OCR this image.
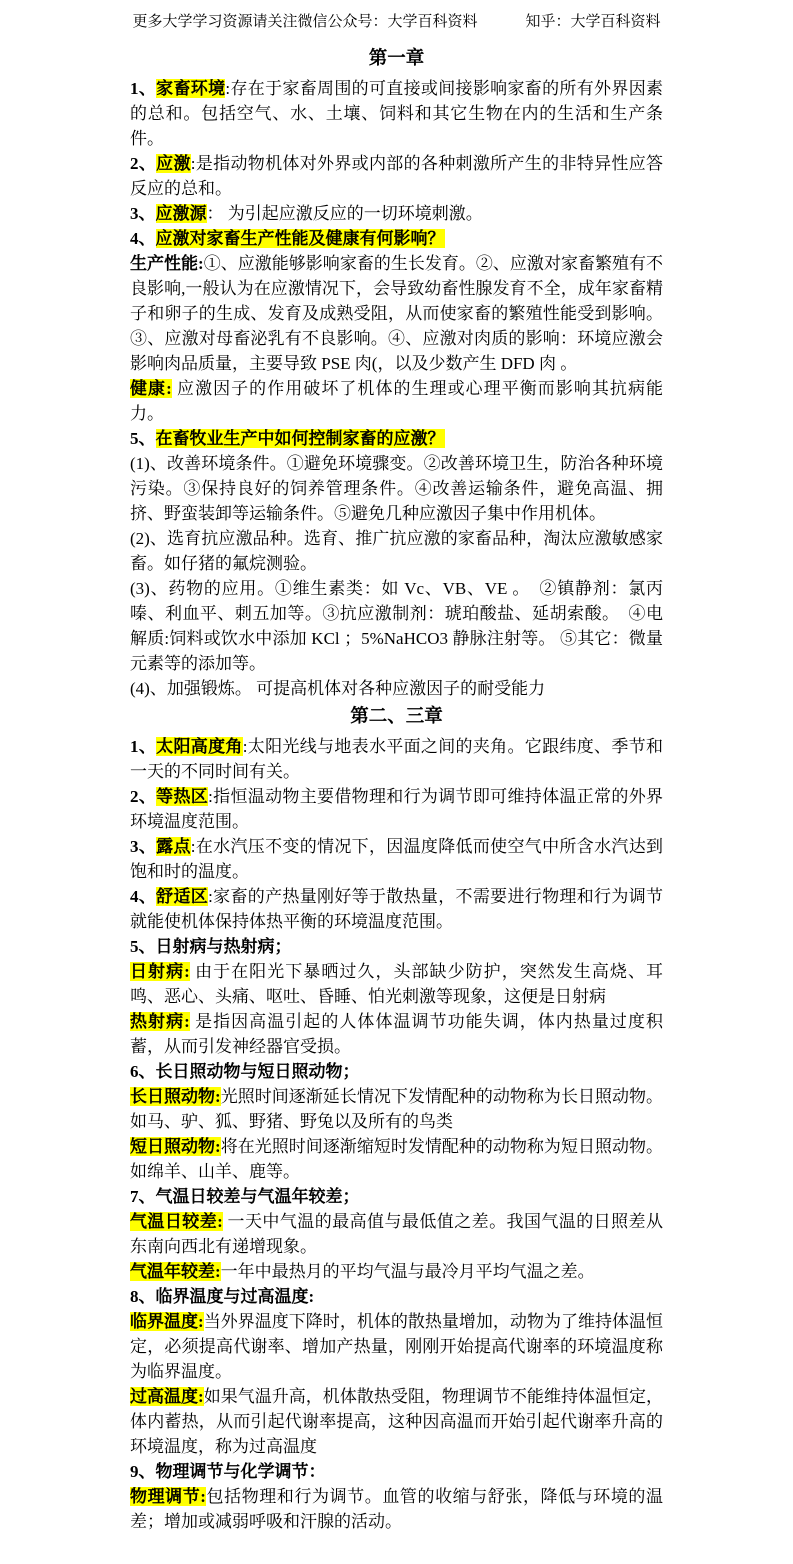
更多大学学习资源请关注微信公众号：大学百科资料	知乎：大学百科资料
第一章

1、家畜环境:存在于家畜周围的可直接或间接影响家畜的所有外界因素的总和。包括空气、水、土壤、饲料和其它生物在内的生活和生产条件。

2、应激:是指动物机体对外界或内部的各种刺激所产生的非特异性应答反应的总和。

3、应激源： 为引起应激反应的一切环境刺激。

4、应激对家畜生产性能及健康有何影响？

生产性能:①、应激能够影响家畜的生长发育。②、应激对家畜繁殖有不良影响,一般认为在应激情况下，会导致幼畜性腺发育不全，成年家畜精子和卵子的生成、发育及成熟受阻，从而使家畜的繁殖性能受到影响。③、应激对母畜泌乳有不良影响。④、应激对肉质的影响：环境应激会影响肉品质量，主要导致 PSE 肉(，以及少数产生 DFD 肉 。

健康: 应激因子的作用破坏了机体的生理或心理平衡而影响其抗病能力。

5、在畜牧业生产中如何控制家畜的应激？

(1)、改善环境条件。①避免环境骤变。②改善环境卫生，防治各种环境污染。③保持良好的饲养管理条件。④改善运输条件，避免高温、拥挤、野蛮装卸等运输条件。⑤避免几种应激因子集中作用机体。

(2)、选育抗应激品种。选育、推广抗应激的家畜品种，淘汰应激敏感家畜。如仔猪的氟烷测验。

(3)、药物的应用。①维生素类：如 Vc、VB、VE 。　②镇静剂：氯丙嗪、利血平、刺五加等。③抗应激制剂：琥珀酸盐、延胡索酸。　④电解质:饲料或饮水中添加 KCl ；5%NaHCO3 静脉注射等。 ⑤其它：微量元素等的添加等。

(4)、加强锻炼。 可提高机体对各种应激因子的耐受能力

第二、三章

1、太阳高度角:太阳光线与地表水平面之间的夹角。它跟纬度、季节和一天的不同时间有关。

2、等热区:指恒温动物主要借物理和行为调节即可维持体温正常的外界环境温度范围。

3、露点:在水汽压不变的情况下，因温度降低而使空气中所含水汽达到饱和时的温度。

4、舒适区:家畜的产热量刚好等于散热量，不需要进行物理和行为调节就能使机体保持体热平衡的环境温度范围。

5、日射病与热射病；

日射病: 由于在阳光下暴晒过久，头部缺少防护，突然发生高烧、耳鸣、恶心、头痛、呕吐、昏睡、怕光刺激等现象，这便是日射病

热射病: 是指因高温引起的人体体温调节功能失调，体内热量过度积蓄，从而引发神经器官受损。

6、长日照动物与短日照动物；

长日照动物:光照时间逐渐延长情况下发情配种的动物称为长日照动物。如马、驴、狐、野猪、野兔以及所有的鸟类

短日照动物:将在光照时间逐渐缩短时发情配种的动物称为短日照动物。如绵羊、山羊、鹿等。

7、气温日较差与气温年较差；

气温日较差: 一天中气温的最高值与最低值之差。我国气温的日照差从东南向西北有递增现象。

气温年较差:一年中最热月的平均气温与最冷月平均气温之差。

8、临界温度与过高温度:

临界温度:当外界温度下降时，机体的散热量增加，动物为了维持体温恒定，必须提高代谢率、增加产热量，刚刚开始提高代谢率的环境温度称为临界温度。

过高温度:如果气温升高，机体散热受阻，物理调节不能维持体温恒定，体内蓄热，从而引起代谢率提高，这种因高温而开始引起代谢率升高的环境温度，称为过高温度

9、物理调节与化学调节：

物理调节:包括物理和行为调节。血管的收缩与舒张，降低与环境的温差；增加或减弱呼吸和汗腺的活动。
